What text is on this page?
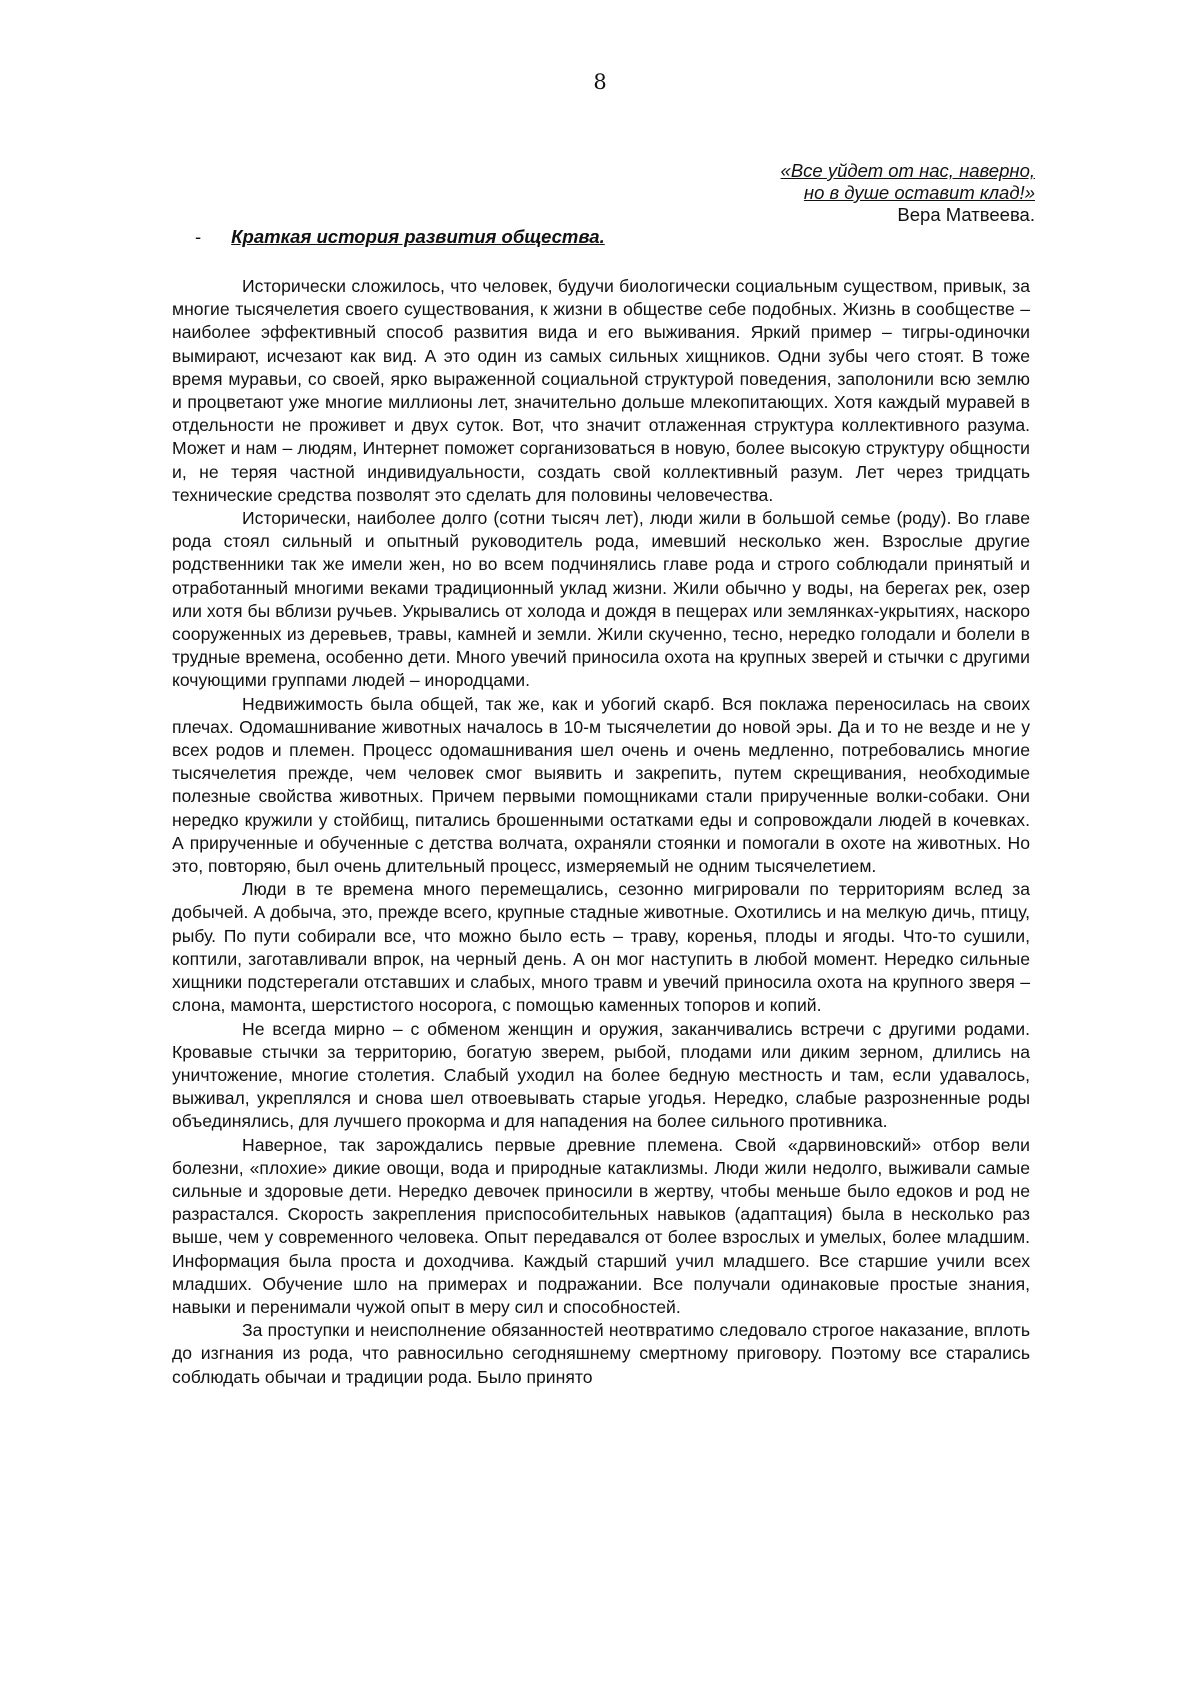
8
«Все уйдет от нас, наверно,
но в душе оставит клад!»
Вера Матвеева.
- Краткая история развития общества.

Исторически сложилось, что человек, будучи биологически социальным существом, привык, за многие тысячелетия своего существования, к жизни в обществе себе подобных. Жизнь в сообществе – наиболее эффективный способ развития вида и его выживания. Яркий пример – тигры-одиночки вымирают, исчезают как вид. А это один из самых сильных хищников. Одни зубы чего стоят. В тоже время муравьи, со своей, ярко выраженной социальной структурой поведения, заполонили всю землю и процветают уже многие миллионы лет, значительно дольше млекопитающих. Хотя каждый муравей в отдельности не проживет и двух суток. Вот, что значит отлаженная структура коллективного разума. Может и нам – людям, Интернет поможет сорганизоваться в новую, более высокую структуру общности и, не теряя частной индивидуальности, создать свой коллективный разум. Лет через тридцать технические средства позволят это сделать для половины человечества.

Исторически, наиболее долго (сотни тысяч лет), люди жили в большой семье (роду). Во главе рода стоял сильный и опытный руководитель рода, имевший несколько жен. Взрослые другие родственники так же имели жен, но во всем подчинялись главе рода и строго соблюдали принятый и отработанный многими веками традиционный уклад жизни. Жили обычно у воды, на берегах рек, озер или хотя бы вблизи ручьев. Укрывались от холода и дождя в пещерах или землянках-укрытиях, наскоро сооруженных из деревьев, травы, камней и земли. Жили скученно, тесно, нередко голодали и болели в трудные времена, особенно дети. Много увечий приносила охота на крупных зверей и стычки с другими кочующими группами людей – инородцами.

Недвижимость была общей, так же, как и убогий скарб. Вся поклажа переносилась на своих плечах. Одомашнивание животных началось в 10-м тысячелетии до новой эры. Да и то не везде и не у всех родов и племен. Процесс одомашнивания шел очень и очень медленно, потребовались многие тысячелетия прежде, чем человек смог выявить и закрепить, путем скрещивания, необходимые полезные свойства животных. Причем первыми помощниками стали прирученные волки-собаки. Они нередко кружили у стойбищ, питались брошенными остатками еды и сопровождали людей в кочевках. А прирученные и обученные с детства волчата, охраняли стоянки и помогали в охоте на животных. Но это, повторяю, был очень длительный процесс, измеряемый не одним тысячелетием.

Люди в те времена много перемещались, сезонно мигрировали по территориям вслед за добычей. А добыча, это, прежде всего, крупные стадные животные. Охотились и на мелкую дичь, птицу, рыбу. По пути собирали все, что можно было есть – траву, коренья, плоды и ягоды. Что-то сушили, коптили, заготавливали впрок, на черный день. А он мог наступить в любой момент. Нередко сильные хищники подстерегали отставших и слабых, много травм и увечий приносила охота на крупного зверя – слона, мамонта, шерстистого носорога, с помощью каменных топоров и копий.

Не всегда мирно – с обменом женщин и оружия, заканчивались встречи с другими родами. Кровавые стычки за территорию, богатую зверем, рыбой, плодами или диким зерном, длились на уничтожение, многие столетия. Слабый уходил на более бедную местность и там, если удавалось, выживал, укреплялся и снова шел отвоевывать старые угодья. Нередко, слабые разрозненные роды объединялись, для лучшего прокорма и для нападения на более сильного противника.

Наверное, так зарождались первые древние племена. Свой «дарвиновский» отбор вели болезни, «плохие» дикие овощи, вода и природные катаклизмы. Люди жили недолго, выживали самые сильные и здоровые дети. Нередко девочек приносили в жертву, чтобы меньше было едоков и род не разрастался. Скорость закрепления приспособительных навыков (адаптация) была в несколько раз выше, чем у современного человека. Опыт передавался от более взрослых и умелых, более младшим. Информация была проста и доходчива. Каждый старший учил младшего. Все старшие учили всех младших. Обучение шло на примерах и подражании. Все получали одинаковые простые знания, навыки и перенимали чужой опыт в меру сил и способностей.

За проступки и неисполнение обязанностей неотвратимо следовало строгое наказание, вплоть до изгнания из рода, что равносильно сегодняшнему смертному приговору. Поэтому все старались соблюдать обычаи и традиции рода. Было принято
